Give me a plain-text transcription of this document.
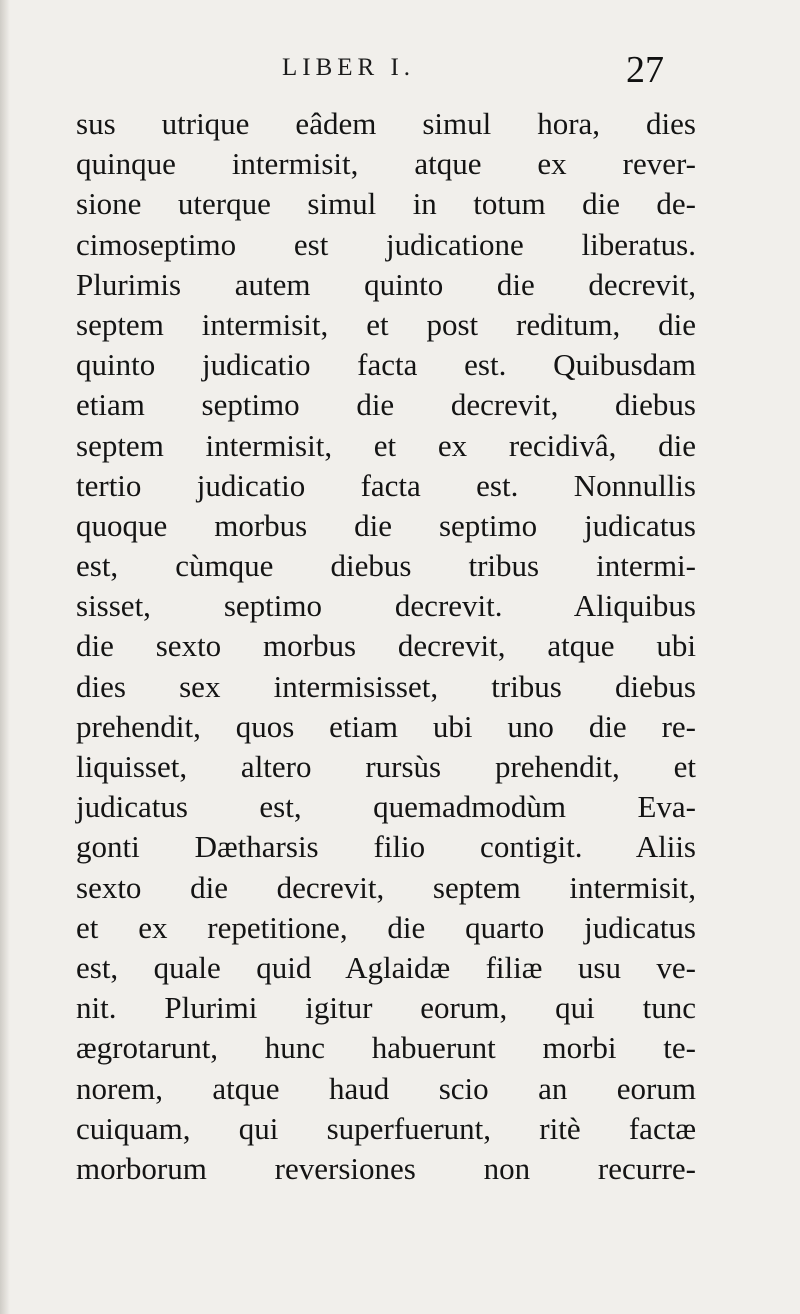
LIBER I.	27
sus utrique eâdem simul hora, dies
quinque intermisit, atque ex rever-
sione uterque simul in totum die de-
cimoseptimo est judicatione liberatus.
Plurimis autem quinto die decrevit,
septem intermisit, et post reditum, die
quinto judicatio facta est. Quibusdam
etiam septimo die decrevit, diebus
septem intermisit, et ex recidivâ, die
tertio judicatio facta est. Nonnullis
quoque morbus die septimo judicatus
est, cùmque diebus tribus intermi-
sisset, septimo decrevit. Aliquibus
die sexto morbus decrevit, atque ubi
dies sex intermisisset, tribus diebus
prehendit, quos etiam ubi uno die re-
liquisset, altero rursùs prehendit, et
judicatus est, quemadmodùm Eva-
gonti Dætharsis filio contigit. Aliis
sexto die decrevit, septem intermisit,
et ex repetitione, die quarto judicatus
est, quale quid Aglaidæ filiæ usu ve-
nit. Plurimi igitur eorum, qui tunc
ægrotarunt, hunc habuerunt morbi te-
norem, atque haud scio an eorum
cuiquam, qui superfuerunt, ritè factæ
morborum reversiones non recurre-
